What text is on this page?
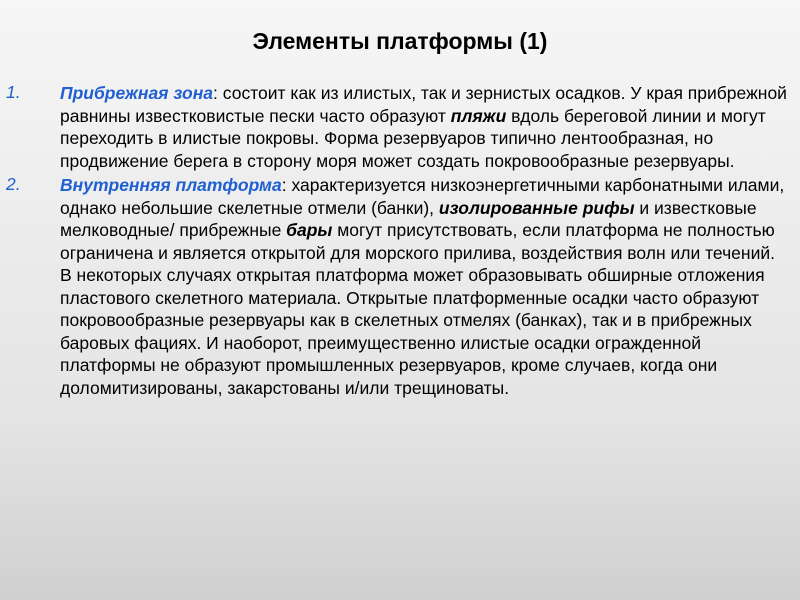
Элементы платформы (1)
1. Прибрежная зона: состоит как из илистых, так и зернистых осадков. У края прибрежной равнины известковистые пески часто образуют пляжи вдоль береговой линии и могут переходить в илистые покровы. Форма резервуаров типично лентообразная, но продвижение берега в сторону моря может создать покровообразные резервуары.
2. Внутренняя платформа: характеризуется низкоэнергетичными карбонатными илами, однако небольшие скелетные отмели (банки), изолированные рифы и известковые мелководные/ прибрежные бары могут присутствовать, если платформа не полностью ограничена и является открытой для морского прилива, воздействия волн или течений. В некоторых случаях открытая платформа может образовывать обширные отложения пластового скелетного материала. Открытые платформенные осадки часто образуют покровообразные резервуары как в скелетных отмелях (банках), так и в прибрежных баровых фациях. И наоборот, преимущественно илистые осадки огражденной платформы не образуют промышленных резервуаров, кроме случаев, когда они доломитизированы, закарстованы и/или трещиноваты.
